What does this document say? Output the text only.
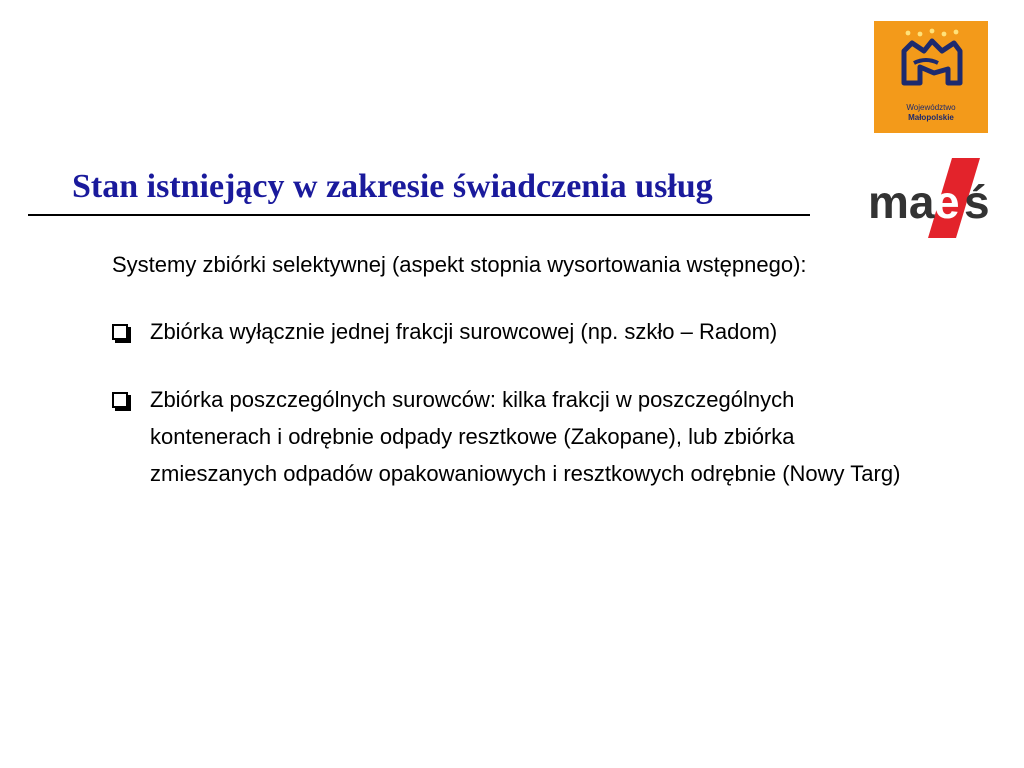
Województwo
Małopolskie
ma e ś
Stan istniejący w zakresie świadczenia usług

Systemy zbiórki selektywnej (aspekt stopnia wysortowania wstępnego):

Zbiórka wyłącznie jednej frakcji surowcowej (np. szkło – Radom)
Zbiórka poszczególnych surowców: kilka frakcji w poszczególnych kontenerach i odrębnie odpady resztkowe (Zakopane), lub zbiórka zmieszanych odpadów opakowaniowych i resztkowych odrębnie (Nowy Targ)
